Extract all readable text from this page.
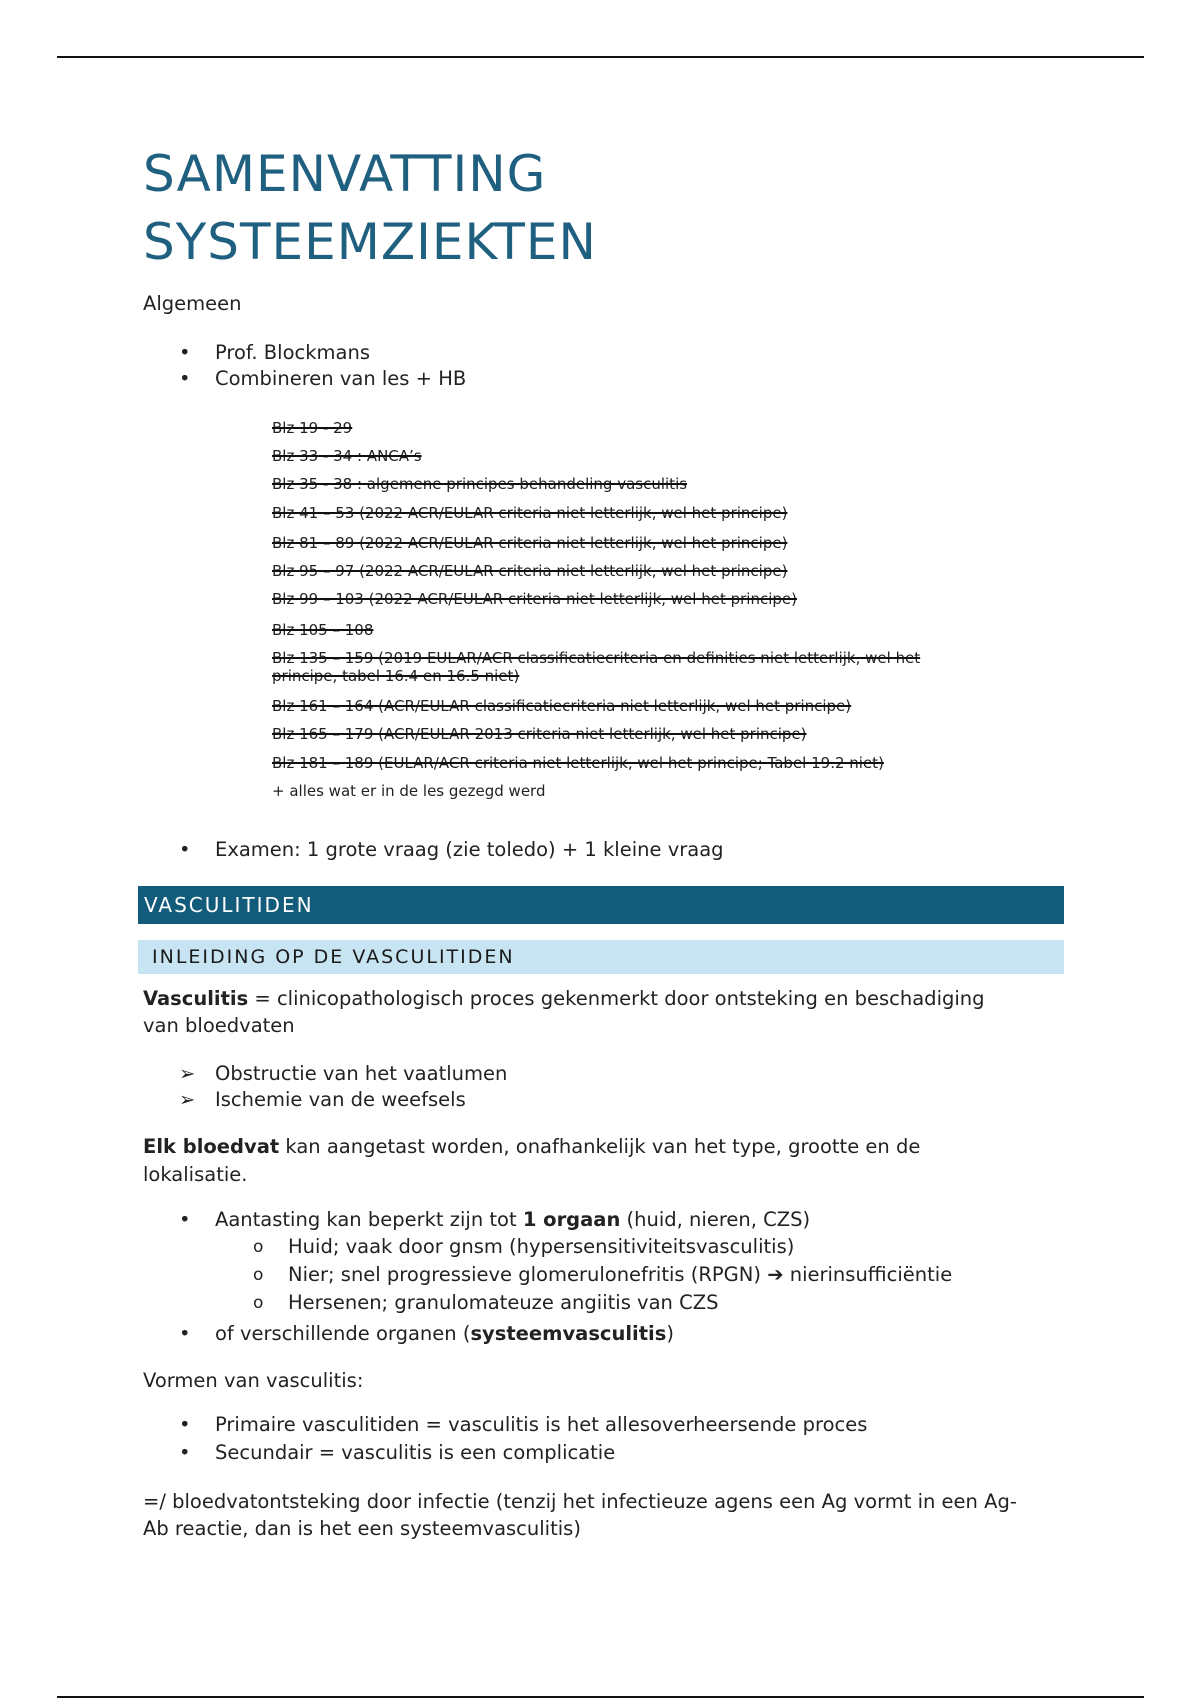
SAMENVATTING
SYSTEEMZIEKTEN
Algemeen
• Prof. Blockmans
• Combineren van les + HB
Blz 19 - 29
Blz 33 - 34 : ANCA’s
Blz 35 - 38 : algemene principes behandeling vasculitis
Blz 41 – 53 (2022 ACR/EULAR criteria niet letterlijk, wel het principe)
Blz 81 – 89 (2022 ACR/EULAR criteria niet letterlijk, wel het principe)
Blz 95 – 97 (2022 ACR/EULAR criteria niet letterlijk, wel het principe)
Blz 99 – 103 (2022 ACR/EULAR criteria niet letterlijk, wel het principe)
Blz 105 – 108
Blz 135 – 159 (2019 EULAR/ACR classificatiecriteria en definities niet letterlijk, wel het
principe, tabel 16.4 en 16.5 niet)
Blz 161 – 164 (ACR/EULAR classificatiecriteria niet letterlijk, wel het principe)
Blz 165 – 179 (ACR/EULAR 2013 criteria niet letterlijk, wel het principe)
Blz 181 – 189 (EULAR/ACR criteria niet letterlijk, wel het principe; Tabel 19.2 niet)
+ alles wat er in de les gezegd werd
• Examen: 1 grote vraag (zie toledo) + 1 kleine vraag
VASCULITIDEN
INLEIDING OP DE VASCULITIDEN
Vasculitis = clinicopathologisch proces gekenmerkt door ontsteking en beschadiging
van bloedvaten
➢ Obstructie van het vaatlumen
➢ Ischemie van de weefsels
Elk bloedvat kan aangetast worden, onafhankelijk van het type, grootte en de
lokalisatie.
• Aantasting kan beperkt zijn tot 1 orgaan (huid, nieren, CZS)
o Huid; vaak door gnsm (hypersensitiviteitsvasculitis)
o Nier; snel progressieve glomerulonefritis (RPGN) ➔ nierinsufficiëntie
o Hersenen; granulomateuze angiitis van CZS
• of verschillende organen (systeemvasculitis)
Vormen van vasculitis:
• Primaire vasculitiden = vasculitis is het allesoverheersende proces
• Secundair = vasculitis is een complicatie
=/ bloedvatontsteking door infectie (tenzij het infectieuze agens een Ag vormt in een Ag-
Ab reactie, dan is het een systeemvasculitis)
